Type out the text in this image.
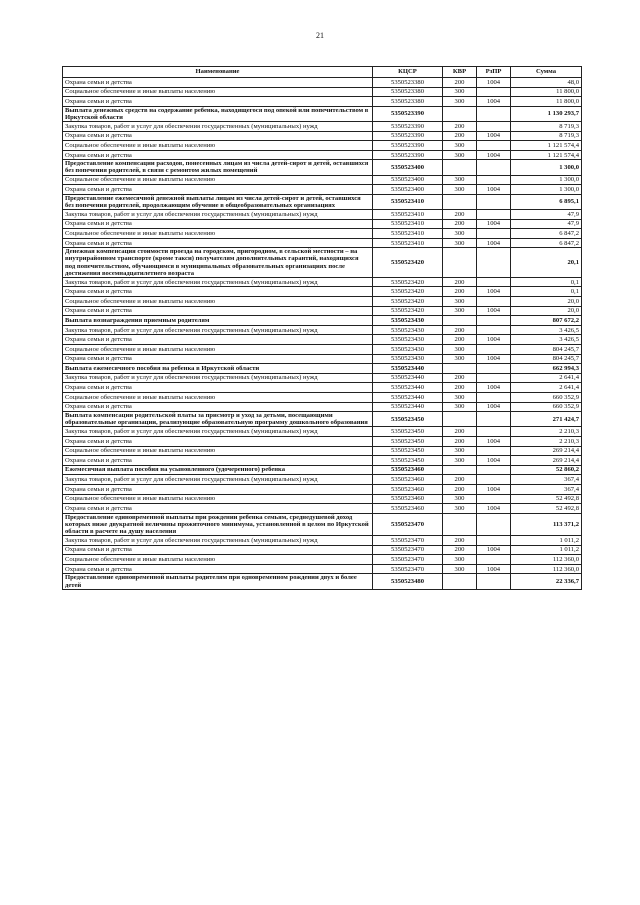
21
Наименование	КЦСР	КВР	РзПР	Сумма
Охрана семьи и детства	5350523380	200	1004	48,0
Социальное обеспечение и иные выплаты населению	5350523380	300		11 800,0
Охрана семьи и детства	5350523380	300	1004	11 800,0
Выплата денежных средств на содержание ребенка, находящегося под опекой или попечительством в Иркутской области	5350523390			1 130 293,7
Закупка товаров, работ и услуг для обеспечения государственных (муниципальных) нужд	5350523390	200		8 719,3
Охрана семьи и детства	5350523390	200	1004	8 719,3
Социальное обеспечение и иные выплаты населению	5350523390	300		1 121 574,4
Охрана семьи и детства	5350523390	300	1004	1 121 574,4
Предоставление компенсации расходов, понесенных лицам из числа детей-сирот и детей, оставшихся без попечения родителей, в связи с ремонтом жилых помещений	5350523400			1 300,0
Социальное обеспечение и иные выплаты населению	5350523400	300		1 300,0
Охрана семьи и детства	5350523400	300	1004	1 300,0
Предоставление ежемесячной денежной выплаты лицам из числа детей-сирот и детей, оставшихся без попечения родителей, продолжающим обучение в общеобразовательных организациях	5350523410			6 895,1
Закупка товаров, работ и услуг для обеспечения государственных (муниципальных) нужд	5350523410	200		47,9
Охрана семьи и детства	5350523410	200	1004	47,9
Социальное обеспечение и иные выплаты населению	5350523410	300		6 847,2
Охрана семьи и детства	5350523410	300	1004	6 847,2
Денежная компенсация стоимости проезда на городском, пригородном, в сельской местности – на внутрирайонном транспорте (кроме такси) получателям дополнительных гарантий, находящихся под попечительством, обучающимся в муниципальных образовательных организациях после достижения восемнадцатилетнего возраста	5350523420			20,1
Закупка товаров, работ и услуг для обеспечения государственных (муниципальных) нужд	5350523420	200		0,1
Охрана семьи и детства	5350523420	200	1004	0,1
Социальное обеспечение и иные выплаты населению	5350523420	300		20,0
Охрана семьи и детства	5350523420	300	1004	20,0
Выплата вознаграждения приемным родителям	5350523430			807 672,2
Закупка товаров, работ и услуг для обеспечения государственных (муниципальных) нужд	5350523430	200		3 426,5
Охрана семьи и детства	5350523430	200	1004	3 426,5
Социальное обеспечение и иные выплаты населению	5350523430	300		804 245,7
Охрана семьи и детства	5350523430	300	1004	804 245,7
Выплата ежемесячного пособия на ребенка в Иркутской области	5350523440			662 994,3
Закупка товаров, работ и услуг для обеспечения государственных (муниципальных) нужд	5350523440	200		2 641,4
Охрана семьи и детства	5350523440	200	1004	2 641,4
Социальное обеспечение и иные выплаты населению	5350523440	300		660 352,9
Охрана семьи и детства	5350523440	300	1004	660 352,9
Выплата компенсации родительской платы за присмотр и уход за детьми, посещающими образовательные организации, реализующие образовательную программу дошкольного образования	5350523450			271 424,7
Закупка товаров, работ и услуг для обеспечения государственных (муниципальных) нужд	5350523450	200		2 210,3
Охрана семьи и детства	5350523450	200	1004	2 210,3
Социальное обеспечение и иные выплаты населению	5350523450	300		269 214,4
Охрана семьи и детства	5350523450	300	1004	269 214,4
Ежемесячная выплата пособия на усыновленного (удочеренного) ребенка	5350523460			52 860,2
Закупка товаров, работ и услуг для обеспечения государственных (муниципальных) нужд	5350523460	200		367,4
Охрана семьи и детства	5350523460	200	1004	367,4
Социальное обеспечение и иные выплаты населению	5350523460	300		52 492,8
Охрана семьи и детства	5350523460	300	1004	52 492,8
Предоставление единовременной выплаты при рождении ребенка семьям, среднедушевой доход которых ниже двукратной величины прожиточного минимума, установленной в целом по Иркутской области в расчете на душу населения	5350523470			113 371,2
Закупка товаров, работ и услуг для обеспечения государственных (муниципальных) нужд	5350523470	200		1 011,2
Охрана семьи и детства	5350523470	200	1004	1 011,2
Социальное обеспечение и иные выплаты населению	5350523470	300		112 360,0
Охрана семьи и детства	5350523470	300	1004	112 360,0
Предоставление единовременной выплаты родителям при одновременном рождении двух и более детей	5350523480			22 336,7
